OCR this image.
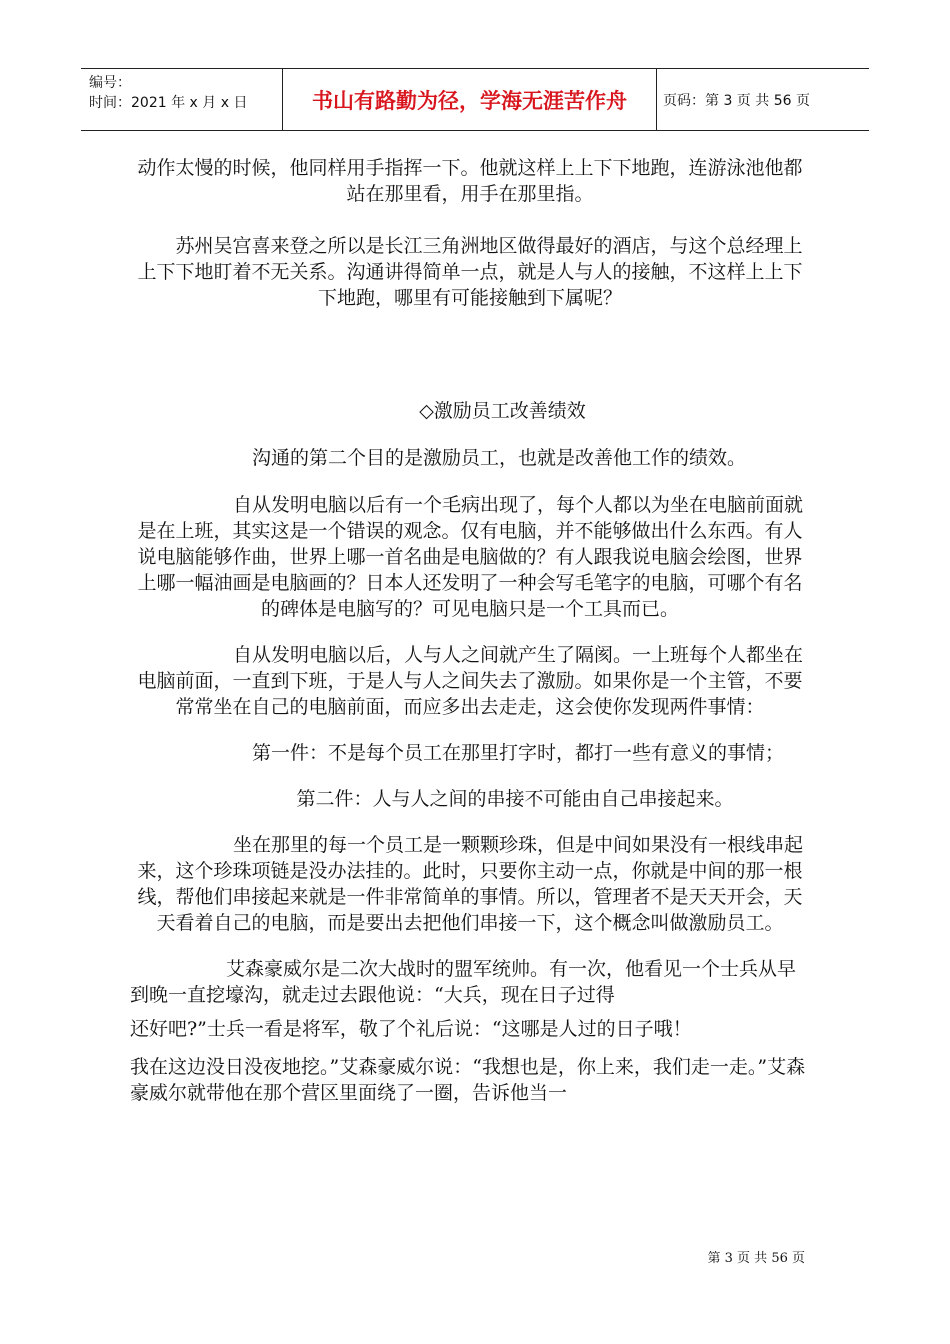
编号：
时间：2021 年 x 月 x 日	书山有路勤为径，学海无涯苦作舟	页码：第 3 页 共 56 页

动作太慢的时候，他同样用手指挥一下。他就这样上上下下地跑，连游泳池他都站在那里看，用手在那里指。

苏州吴宫喜来登之所以是长江三角洲地区做得最好的酒店，与这个总经理上上下下地盯着不无关系。沟通讲得简单一点，就是人与人的接触，不这样上上下下地跑，哪里有可能接触到下属呢？

◇激励员工改善绩效

沟通的第二个目的是激励员工，也就是改善他工作的绩效。

自从发明电脑以后有一个毛病出现了，每个人都以为坐在电脑前面就是在上班，其实这是一个错误的观念。仅有电脑，并不能够做出什么东西。有人说电脑能够作曲，世界上哪一首名曲是电脑做的？有人跟我说电脑会绘图，世界上哪一幅油画是电脑画的？日本人还发明了一种会写毛笔字的电脑，可哪个有名的碑体是电脑写的？可见电脑只是一个工具而已。

自从发明电脑以后，人与人之间就产生了隔阂。一上班每个人都坐在电脑前面，一直到下班，于是人与人之间失去了激励。如果你是一个主管，不要常常坐在自己的电脑前面，而应多出去走走，这会使你发现两件事情：

第一件：不是每个员工在那里打字时，都打一些有意义的事情；

第二件：人与人之间的串接不可能由自己串接起来。

坐在那里的每一个员工是一颗颗珍珠，但是中间如果没有一根线串起来，这个珍珠项链是没办法挂的。此时，只要你主动一点，你就是中间的那一根线，帮他们串接起来就是一件非常简单的事情。所以，管理者不是天天开会，天天看着自己的电脑，而是要出去把他们串接一下，这个概念叫做激励员工。

艾森豪威尔是二次大战时的盟军统帅。有一次，他看见一个士兵从早到晚一直挖壕沟，就走过去跟他说：“大兵，现在日子过得

还好吧?”士兵一看是将军，敬了个礼后说：“这哪是人过的日子哦！

我在这边没日没夜地挖。”艾森豪威尔说：“我想也是，你上来，我们走一走。”艾森豪威尔就带他在那个营区里面绕了一圈，告诉他当一

第 3 页 共 56 页
